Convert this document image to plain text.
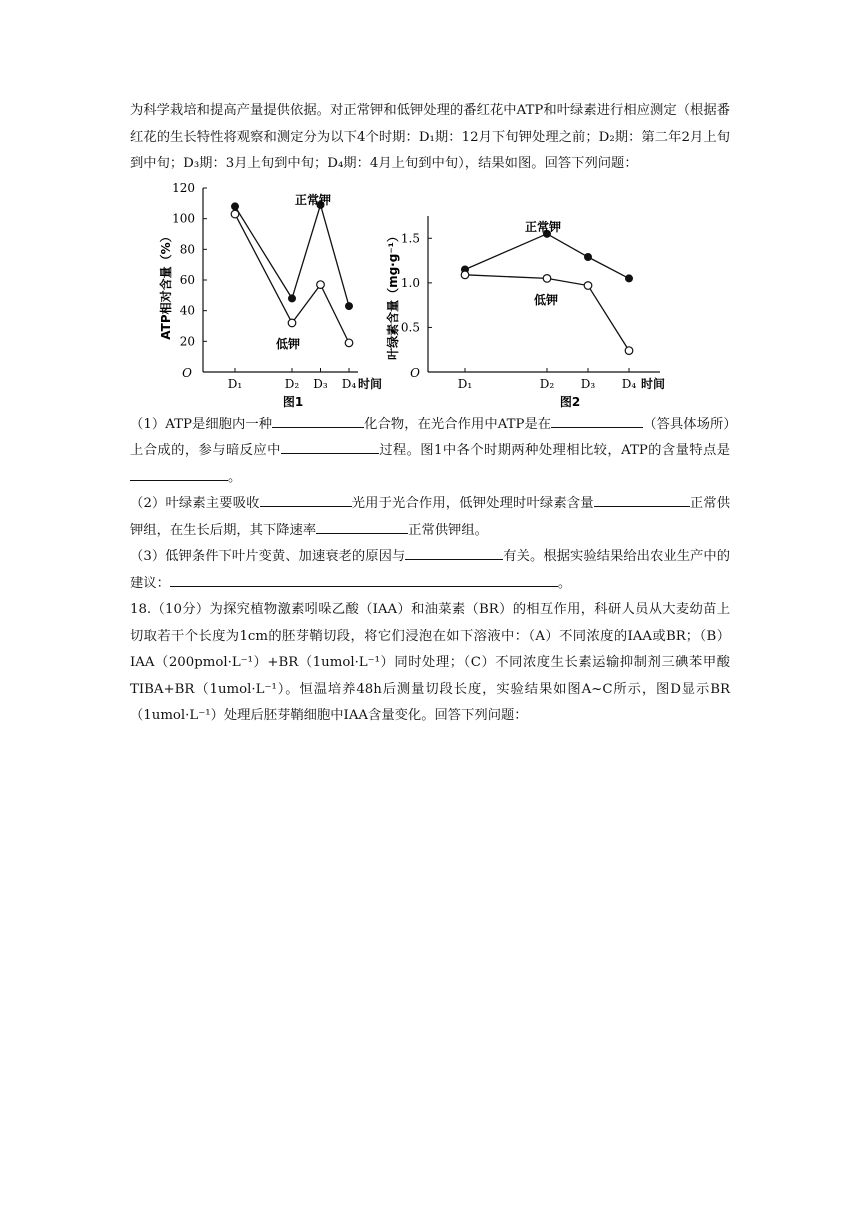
为科学栽培和提高产量提供依据。对正常钾和低钾处理的番红花中ATP和叶绿素进行相应测定（根据番红花的生长特性将观察和测定分为以下4个时期：D₁期：12月下旬钾处理之前；D₂期：第二年2月上旬到中旬；D₃期：3月上旬到中旬；D₄期：4月上旬到中旬），结果如图。回答下列问题：

ATP相对含量（%）
20
40
60
80
100
120
O
D₁	D₂ D₃ D₄ 时间
正常钾
低钾
图1
叶绿素含量（mg·g⁻¹） 0.5
1.0
1.5
O
D₁	D₂ D₃ D₄ 时间
正常钾
低钾
图2

（1）ATP是细胞内一种	化合物，在光合作用中ATP是在	（答具体场所）上合成的，参与暗反应中	过程。图1中各个时期两种处理相比较，ATP的含量特点是。

（2）叶绿素主要吸收	光用于光合作用，低钾处理时叶绿素含量	正常供钾组，在生长后期，其下降速率	正常供钾组。

（3）低钾条件下叶片变黄、加速衰老的原因与	有关。根据实验结果给出农业生产中的建议：	。

18.（10分）为探究植物激素吲哚乙酸（IAA）和油菜素（BR）的相互作用，科研人员从大麦幼苗上切取若干个长度为1cm的胚芽鞘切段，将它们浸泡在如下溶液中：（A）不同浓度的IAA或BR；（B）IAA（200pmol·L⁻¹）+BR（1umol·L⁻¹）同时处理；（C）不同浓度生长素运输抑制剂三碘苯甲酸TIBA+BR（1umol·L⁻¹）。恒温培养48h后测量切段长度，实验结果如图A~C所示，图D显示BR（1umol·L⁻¹）处理后胚芽鞘细胞中IAA含量变化。回答下列问题：
